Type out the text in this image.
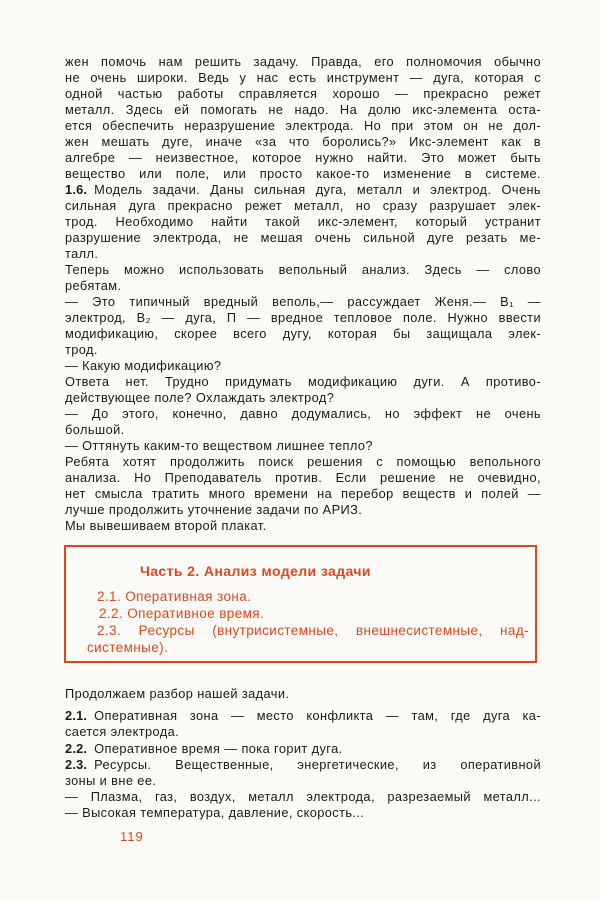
жен помочь нам решить задачу. Правда, его полномочия обычно
не очень широки. Ведь у нас есть инструмент — дуга, которая с
одной частью работы справляется хорошо — прекрасно режет
металл. Здесь ей помогать не надо. На долю икс-элемента оста-
ется обеспечить неразрушение электрода. Но при этом он не дол-
жен мешать дуге, иначе «за что боролись?» Икс-элемент как в
алгебре — неизвестное, которое нужно найти. Это может быть
вещество или поле, или просто какое-то изменение в системе.
1.6. Модель задачи. Даны сильная дуга, металл и электрод. Очень
сильная дуга прекрасно режет металл, но сразу разрушает элек-
трод. Необходимо найти такой икс-элемент, который устранит
разрушение электрода, не мешая очень сильной дуге резать ме-
талл.
Теперь можно использовать вепольный анализ. Здесь — слово
ребятам.
— Это типичный вредный веполь,— рассуждает Женя.— В₁ —
электрод, В₂ — дуга, П — вредное тепловое поле. Нужно ввести
модификацию, скорее всего дугу, которая бы защищала элек-
трод.
— Какую модификацию?
Ответа нет. Трудно придумать модификацию дуги. А противо-
действующее поле? Охлаждать электрод?
— До этого, конечно, давно додумались, но эффект не очень
большой.
— Оттянуть каким-то веществом лишнее тепло?
Ребята хотят продолжить поиск решения с помощью вепольного
анализа. Но Преподаватель против. Если решение не очевидно,
нет смысла тратить много времени на перебор веществ и полей —
лучше продолжить уточнение задачи по АРИЗ.
Мы вывешиваем второй плакат.
Часть 2. Анализ модели задачи
2.1. Оперативная зона.
2.2. Оперативное время.
2.3. Ресурсы (внутрисистемные, внешнесистемные, над-
системные).
Продолжаем разбор нашей задачи.
2.1. Оперативная зона — место конфликта — там, где дуга ка-
сается электрода.
2.2. Оперативное время — пока горит дуга.
2.3. Ресурсы. Вещественные, энергетические, из оперативной
зоны и вне ее.
— Плазма, газ, воздух, металл электрода, разрезаемый металл...
— Высокая температура, давление, скорость...
119
